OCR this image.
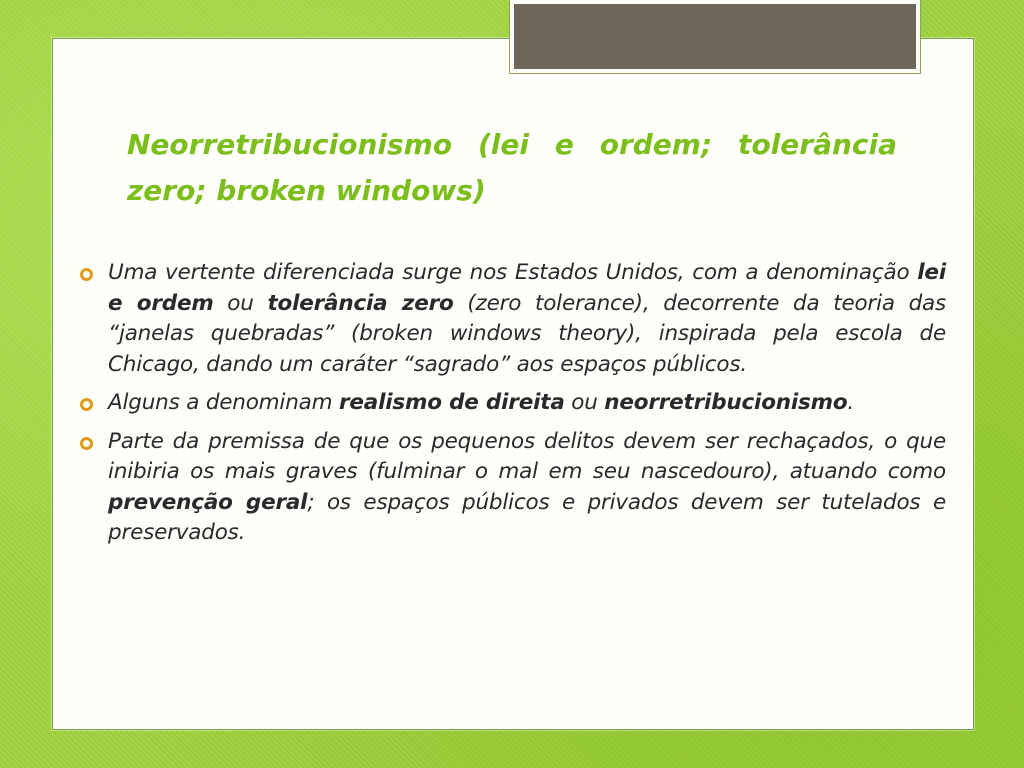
Neorretribucionismo (lei e ordem; tolerância zero; broken windows)
Uma vertente diferenciada surge nos Estados Unidos, com a denominação lei e ordem ou tolerância zero (zero tolerance), decorrente da teoria das “janelas quebradas” (broken windows theory), inspirada pela escola de Chicago, dando um caráter “sagrado” aos espaços públicos.
Alguns a denominam realismo de direita ou neorretribucionismo.
Parte da premissa de que os pequenos delitos devem ser rechaçados, o que inibiria os mais graves (fulminar o mal em seu nascedouro), atuando como prevenção geral; os espaços públicos e privados devem ser tutelados e preservados.
